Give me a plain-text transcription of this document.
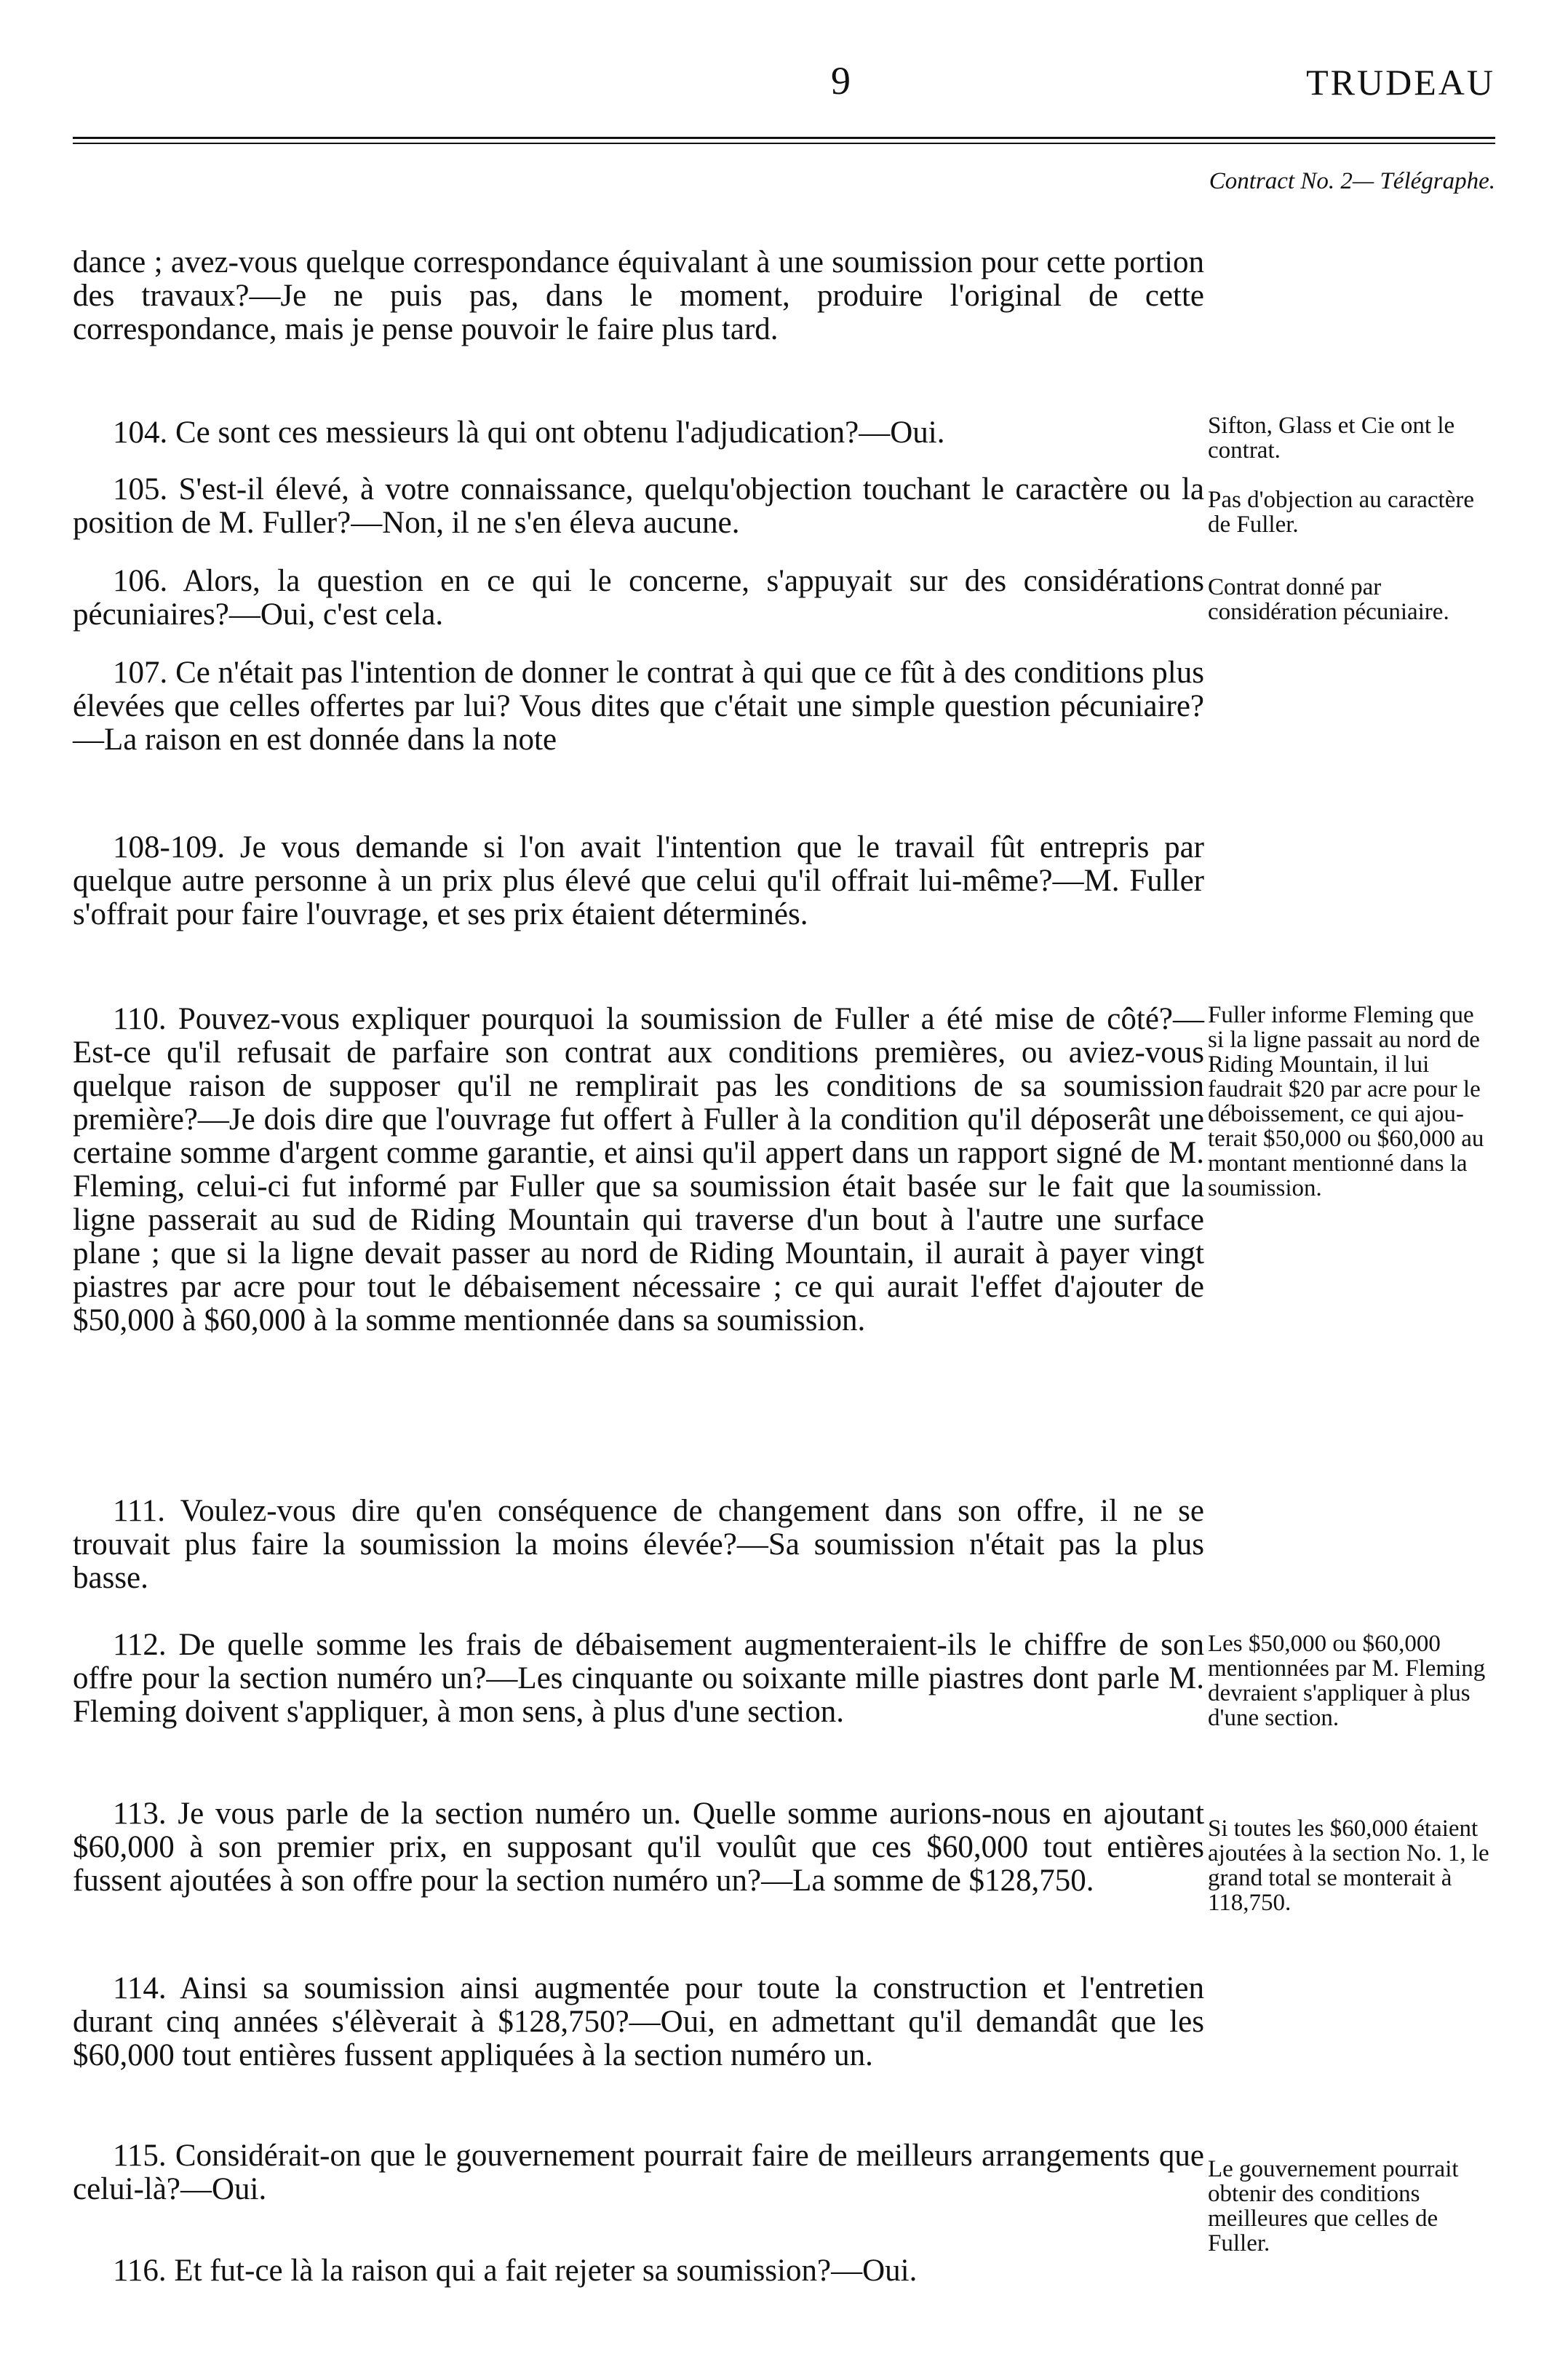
9	TRUDEAU

Contract No. 2— Télégraphe.

dance ; avez-vous quelque correspondance équivalant à une soumission pour cette portion des travaux?—Je ne puis pas, dans le moment, produire l'original de cette correspondance, mais je pense pouvoir le faire plus tard.

104. Ce sont ces messieurs là qui ont obtenu l'adjudication?—Oui.

105. S'est-il élevé, à votre connaissance, quelqu'objection touchant le caractère ou la position de M. Fuller?—Non, il ne s'en éleva aucune.

106. Alors, la question en ce qui le concerne, s'appuyait sur des considérations pécuniaires?—Oui, c'est cela.

107. Ce n'était pas l'intention de donner le contrat à qui que ce fût à des conditions plus élevées que celles offertes par lui? Vous dites que c'était une simple question pécuniaire?—La raison en est donnée dans la note

108-109. Je vous demande si l'on avait l'intention que le travail fût entrepris par quelque autre personne à un prix plus élevé que celui qu'il offrait lui-même?—M. Fuller s'offrait pour faire l'ouvrage, et ses prix étaient déterminés.

110. Pouvez-vous expliquer pourquoi la soumission de Fuller a été mise de côté?—Est-ce qu'il refusait de parfaire son contrat aux conditions premières, ou aviez-vous quelque raison de supposer qu'il ne remplirait pas les conditions de sa soumission première?—Je dois dire que l'ouvrage fut offert à Fuller à la condition qu'il déposerât une certaine somme d'argent comme garantie, et ainsi qu'il appert dans un rapport signé de M. Fleming, celui-ci fut informé par Fuller que sa soumission était basée sur le fait que la ligne passerait au sud de Riding Mountain qui traverse d'un bout à l'autre une surface plane ; que si la ligne devait passer au nord de Riding Mountain, il aurait à payer vingt piastres par acre pour tout le débaisement nécessaire ; ce qui aurait l'effet d'ajouter de $50,000 à $60,000 à la somme mentionnée dans sa soumission.

111. Voulez-vous dire qu'en conséquence de changement dans son offre, il ne se trouvait plus faire la soumission la moins élevée?—Sa soumission n'était pas la plus basse.

112. De quelle somme les frais de débaisement augmenteraient-ils le chiffre de son offre pour la section numéro un?—Les cinquante ou soixante mille piastres dont parle M. Fleming doivent s'appliquer, à mon sens, à plus d'une section.

113. Je vous parle de la section numéro un. Quelle somme aurions-nous en ajoutant $60,000 à son premier prix, en supposant qu'il voulût que ces $60,000 tout entières fussent ajoutées à son offre pour la section numéro un?—La somme de $128,750.

114. Ainsi sa soumission ainsi augmentée pour toute la construction et l'entretien durant cinq années s'élèverait à $128,750?—Oui, en admettant qu'il demandât que les $60,000 tout entières fussent appliquées à la section numéro un.

115. Considérait-on que le gouvernement pourrait faire de meilleurs arrangements que celui-là?—Oui.

116. Et fut-ce là la raison qui a fait rejeter sa soumission?—Oui.

Sifton, Glass et Cie ont le contrat.

Pas d'objection au caractère de Fuller.

Contrat donné par considération pécuniaire.

Fuller informe Fleming que si la ligne passait au nord de Riding Mountain, il lui faudrait $20 par acre pour le déboissement, ce qui ajouterait $50,000 ou $60,000 au montant mentionné dans la soumission.

Les $50,000 ou $60,000 mentionnées par M. Fleming devraient s'appliquer à plus d'une section.

Si toutes les $60,000 étaient ajoutées à la section No. 1, le grand total se monterait à 118,750.

Le gouvernement pourrait obtenir des conditions meilleures que celles de Fuller.
